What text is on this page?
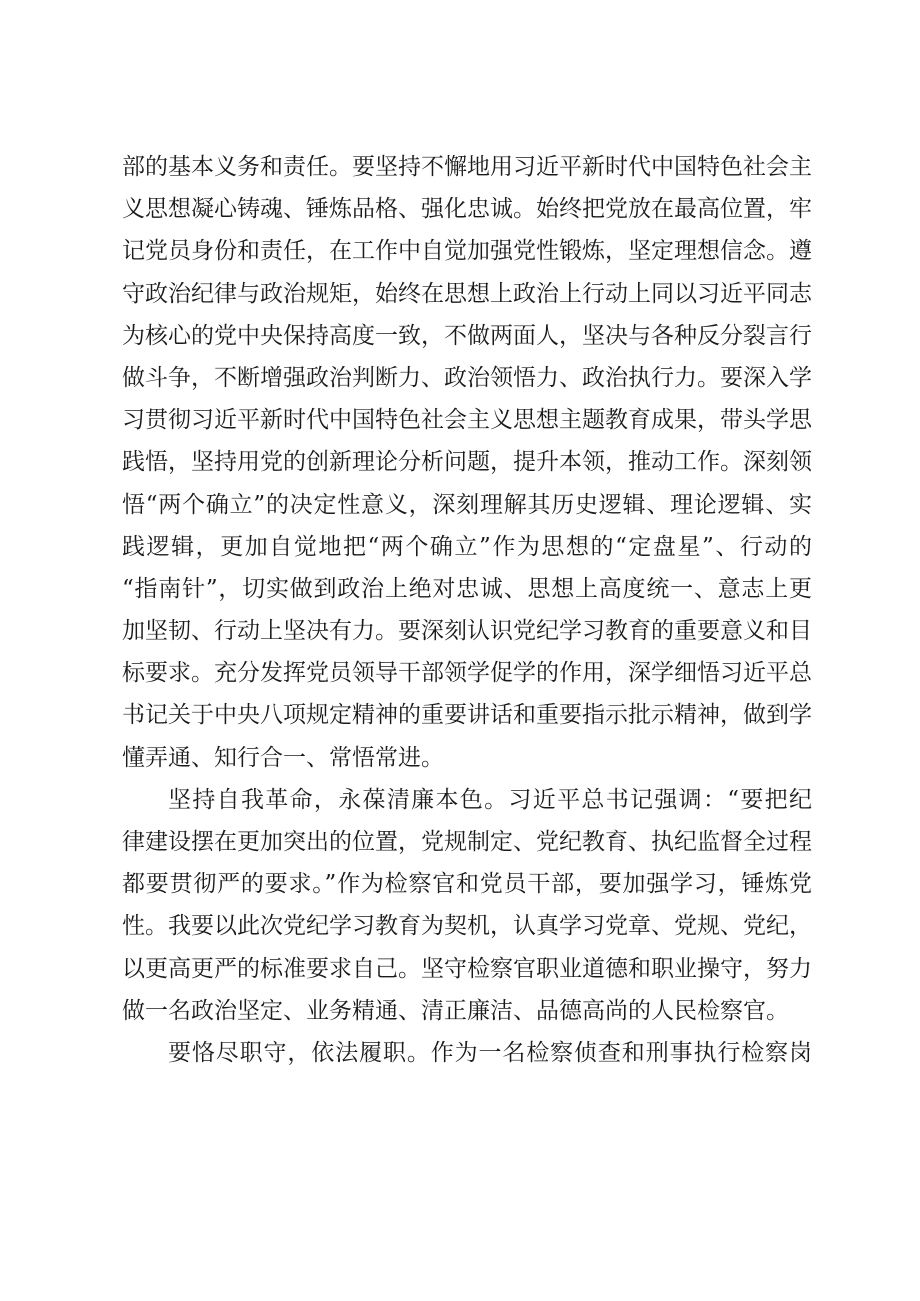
部的基本义务和责任。要坚持不懈地用习近平新时代中国特色社会主
义思想凝心铸魂、锤炼品格、强化忠诚。始终把党放在最高位置，牢
记党员身份和责任，在工作中自觉加强党性锻炼，坚定理想信念。遵
守政治纪律与政治规矩，始终在思想上政治上行动上同以习近平同志
为核心的党中央保持高度一致，不做两面人，坚决与各种反分裂言行
做斗争，不断增强政治判断力、政治领悟力、政治执行力。要深入学
习贯彻习近平新时代中国特色社会主义思想主题教育成果，带头学思
践悟，坚持用党的创新理论分析问题，提升本领，推动工作。深刻领
悟“两个确立”的决定性意义，深刻理解其历史逻辑、理论逻辑、实
践逻辑，更加自觉地把“两个确立”作为思想的“定盘星”、行动的
“指南针”，切实做到政治上绝对忠诚、思想上高度统一、意志上更
加坚韧、行动上坚决有力。要深刻认识党纪学习教育的重要意义和目
标要求。充分发挥党员领导干部领学促学的作用，深学细悟习近平总
书记关于中央八项规定精神的重要讲话和重要指示批示精神，做到学
懂弄通、知行合一、常悟常进。
坚持自我革命，永葆清廉本色。习近平总书记强调：“要把纪
律建设摆在更加突出的位置，党规制定、党纪教育、执纪监督全过程
都要贯彻严的要求。”作为检察官和党员干部，要加强学习，锤炼党
性。我要以此次党纪学习教育为契机，认真学习党章、党规、党纪，
以更高更严的标准要求自己。坚守检察官职业道德和职业操守，努力
做一名政治坚定、业务精通、清正廉洁、品德高尚的人民检察官。
要恪尽职守，依法履职。作为一名检察侦查和刑事执行检察岗
